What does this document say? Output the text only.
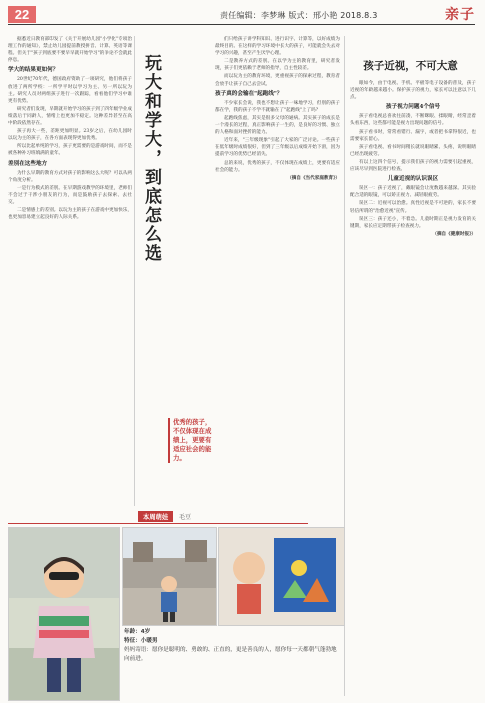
22	责任编辑：李梦琳 版式：邢小艳 2018.8.3	亲子

据悉近日教育部印发了《关于开展幼儿园"小学化"专项治理工作的通知》，禁止幼儿园提前教授拼音、计算、英语等课程。但关于"孩子到底要不要早早就开始学习"的争论不会就此停息。

学大的结果更如何？

20世纪70年代，德国政府资助了一项研究，他们将孩子放进了两所学校：一所学平时以学习为主、另一所以玩为主。研究人员对两组孩子进行一次跟踪，看看他们学习中谁更有优势。

研究者们发现，早期就开始学习的孩子到了四年级学业成绩落后于同龄人，情绪上也更加不稳定。这种差异甚至在高中阶段依然存在。

孩子再大一些，差距更加明显。23岁之后，在幼儿园时以玩为主的孩子，在各方面表现得更加优秀。

所以比起单纯的学习，孩子更需要的是游戏时间，而不是被各种补习班填满的童年。

差别在这些地方

为什么早期的教育方式对孩子的影响这么大呢？可以从两个角度分析。

一是行为模式的差别。在早期游戏教学的环境里，老师们不会过于干涉小朋友的行为，而是鼓励孩子去探索、去社交。

二是情感上的差别。以玩为主的孩子在游戏中更加快乐，也更加容易建立起良好的人际关系。	玩大和学大，到底怎么选
优秀的孩子，不仅体现在成绩上，更要有适应社会的能力。

们只给孩子讲学科知识、进行识字、计算等，以好成绩为最终目的。在这样的学习环境中长大的孩子，可能就会失去对学习的兴趣，甚至产生厌学心理。

二是教养方式的差别。在以学为主的教育里，研究者发现，孩子们更依赖于老师的指导，自主性较差。

而以玩为主的教育环境，更重视孩子的探索过程，教育者会放手让孩子自己去尝试。

孩子真的会输在"起跑线"？

不少家长会说，我也不想让孩子一味地学习，但别的孩子都在学，我的孩子不学不就输在了"起跑线"上了吗？

起跑线焦虑，其实是很多父母的通病。其实孩子的成长是一个漫长的过程，真正影响孩子一生的，是良好的习惯、独立的人格和面对挫折的能力。

近年来，"三年级现象"引起了大家的广泛讨论。一些孩子在低年级时成绩很好，但到了三年级以后成绩开始下滑，因为提前学习的优势已经消失。

总的来说，优秀的孩子，不仅体现在成绩上，更要有适应社会的能力。

（摘自《当代家庭教育》）

孩子近视，不可大意

眼如今，由于电视、手机、平板等电子设备的普及，孩子近视的年龄越来越小。保护孩子的视力，家长可以注意以下几点。

孩子视力问题4个信号

孩子看电视总喜欢往前凑，不断眯眼、揉眼睛，经常歪着头看东西，这些都可能是视力出现问题的信号。

孩子看书时，常常看错行、漏字，或者把书拿得很近，也需要家长留心。

孩子看电视、看书时间稍长就说眼睛累、头疼，说明眼睛已经出现疲劳。

有以上这四个信号，提示我们孩子的视力需要引起重视，应该尽早到医院进行检查。

儿童近视的认识误区

误区一：孩子近视了，戴眼镜会让度数越来越深。其实验配合适的眼镜，可以矫正视力、减轻眼疲劳。

误区二：近视可以治愈。真性近视是不可逆的，家长不要轻信所谓的"治愈近视"宣传。

误区三：孩子还小，不着急。儿童时期正是视力发育的关键期，家长应定期带孩子检查视力。

（摘自《健康时报》）

本周萌娃	毛豆
年龄：4岁
特征：小暖男
妈妈寄语：愿你是聪明的、勇敢的、正直的，更是善良的人，愿你每一天都朝气蓬勃地向前进。
